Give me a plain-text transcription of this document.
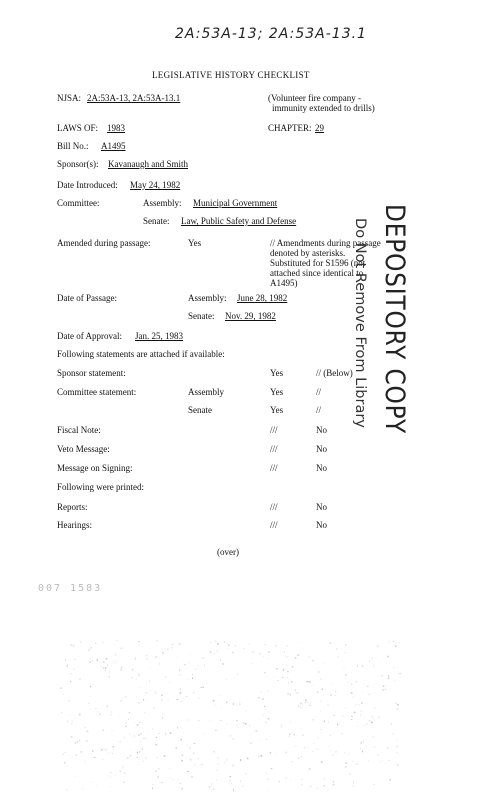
2A:53A-13; 2A:53A-13.1
LEGISLATIVE HISTORY CHECKLIST
NJSA: 2A:53A-13, 2A:53A-13.1	(Volunteer fire company -
immunity extended to drills)
LAWS OF: 1983	CHAPTER: 29
Bill No.: A1495
Sponsor(s): Kavanaugh and Smith
Date Introduced: May 24, 1982
Committee:	Assembly: Municipal Government
Senate: Law, Public Safety and Defense
Amended during passage:	Yes	// Amendments during passage
denoted by asterisks.
Substituted for S1596 (not
attached since identical to
A1495)
Date of Passage:	Assembly: June 28, 1982
Senate: Nov. 29, 1982
Date of Approval: Jan. 25, 1983
Following statements are attached if available:
Sponsor statement:	Yes	// (Below)
Committee statement:	Assembly	Yes	//
Senate	Yes	//
Fiscal Note:	///	No
Veto Message:	///	No
Message on Signing:	///	No
Following were printed:
Reports:	///	No
Hearings:	///	No
(over)
DEPOSITORY COPY
Do Not Remove From Library
007 1583
